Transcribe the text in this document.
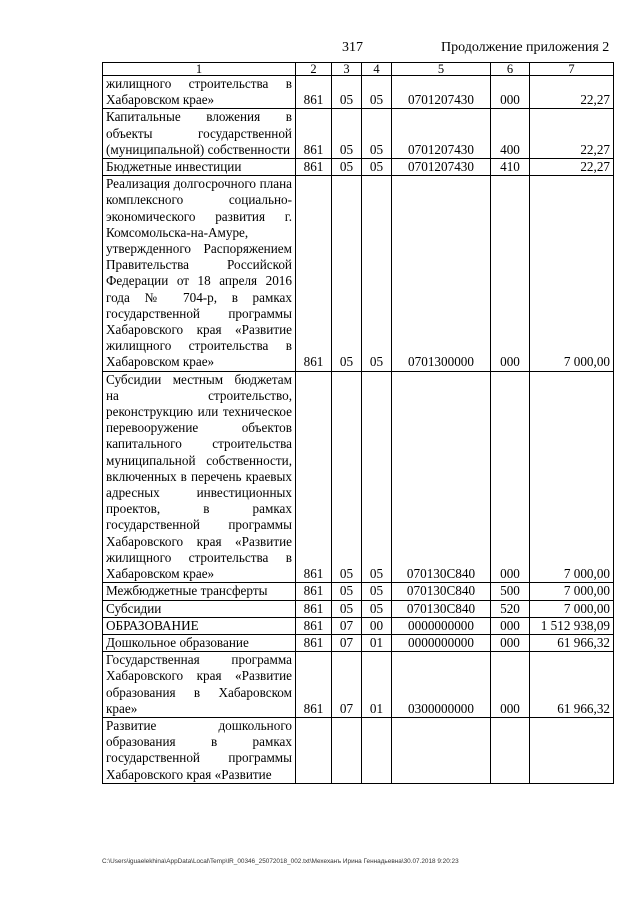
317	Продолжение приложения 2
1	2	3	4	5	6	7
жилищного строительства в Хабаровском крае»	861	05	05	0701207430	000	22,27
Капитальные вложения в объекты государственной (муниципальной) собственности	861	05	05	0701207430	400	22,27
Бюджетные инвестиции	861	05	05	0701207430	410	22,27
Реализация долгосрочного плана комплексного социально-экономического развития г. Комсомольска-на-Амуре, утвержденного Распоряжением Правительства Российской Федерации от 18 апреля 2016 года № 704-р, в рамках государственной программы Хабаровского края «Развитие жилищного строительства в Хабаровском крае»	861	05	05	0701300000	000	7 000,00
Субсидии местным бюджетам на строительство, реконструкцию или техническое перевооружение объектов капитального строительства муниципальной собственности, включенных в перечень краевых адресных инвестиционных проектов, в рамках государственной программы Хабаровского края «Развитие жилищного строительства в Хабаровском крае»	861	05	05	070130С840	000	7 000,00
Межбюджетные трансферты	861	05	05	070130С840	500	7 000,00
Субсидии	861	05	05	070130С840	520	7 000,00
ОБРАЗОВАНИЕ	861	07	00	0000000000	000	1 512 938,09
Дошкольное образование	861	07	01	0000000000	000	61 966,32
Государственная программа Хабаровского края «Развитие образования в Хабаровском крае»	861	07	01	0300000000	000	61 966,32
Развитие дошкольного образования в рамках государственной программы Хабаровского края «Развитие						
C:\Users\iguaelekhina\AppData\Local\Temp\IR_00346_25072018_002.txt\Мехеханъ Ирина Геннадьевна\30.07.2018 9:20:23
